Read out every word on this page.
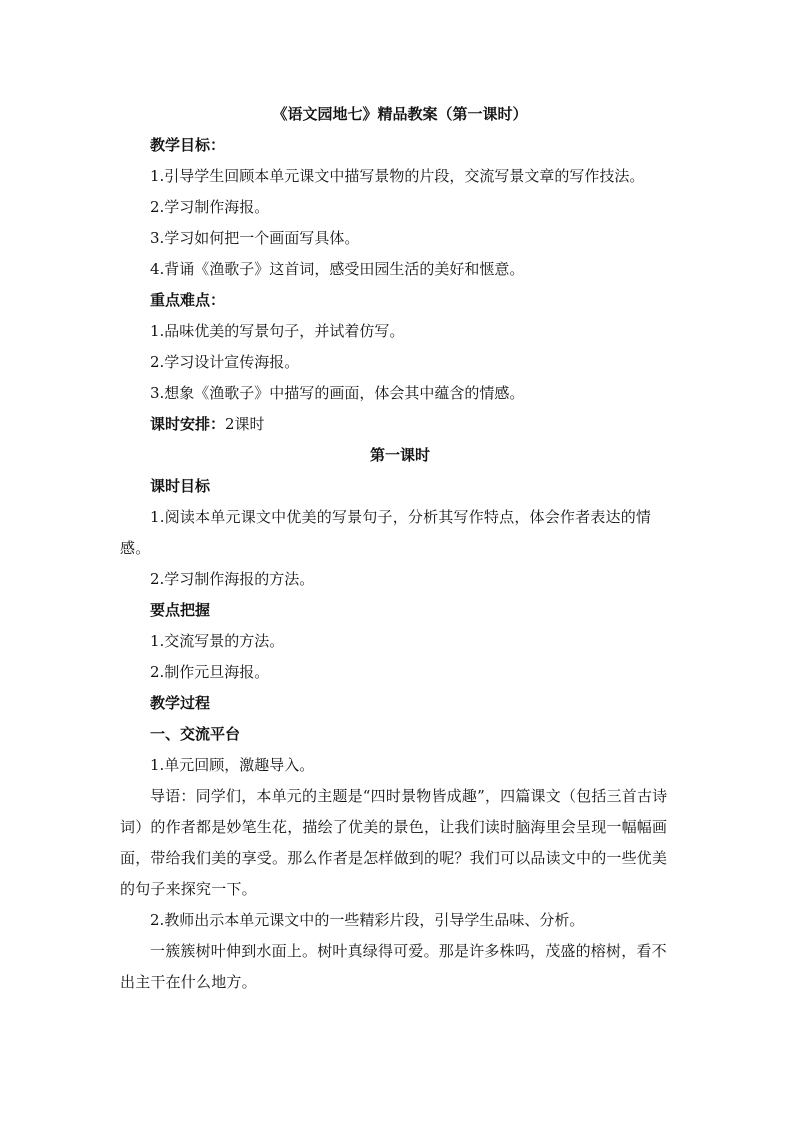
《语文园地七》精品教案（第一课时）

教学目标：

1.引导学生回顾本单元课文中描写景物的片段，交流写景文章的写作技法。

2.学习制作海报。

3.学习如何把一个画面写具体。

4.背诵《渔歌子》这首词，感受田园生活的美好和惬意。

重点难点：

1.品味优美的写景句子，并试着仿写。

2.学习设计宣传海报。

3.想象《渔歌子》中描写的画面，体会其中蕴含的情感。

课时安排：2课时

第一课时

课时目标

1.阅读本单元课文中优美的写景句子，分析其写作特点，体会作者表达的情感。

2.学习制作海报的方法。

要点把握

1.交流写景的方法。

2.制作元旦海报。

教学过程

一、交流平台

1.单元回顾，激趣导入。

导语：同学们，本单元的主题是“四时景物皆成趣”，四篇课文（包括三首古诗词）的作者都是妙笔生花，描绘了优美的景色，让我们读时脑海里会呈现一幅幅画面，带给我们美的享受。那么作者是怎样做到的呢？我们可以品读文中的一些优美的句子来探究一下。

2.教师出示本单元课文中的一些精彩片段，引导学生品味、分析。

一簇簇树叶伸到水面上。树叶真绿得可爱。那是许多株吗，茂盛的榕树，看不出主干在什么地方。
